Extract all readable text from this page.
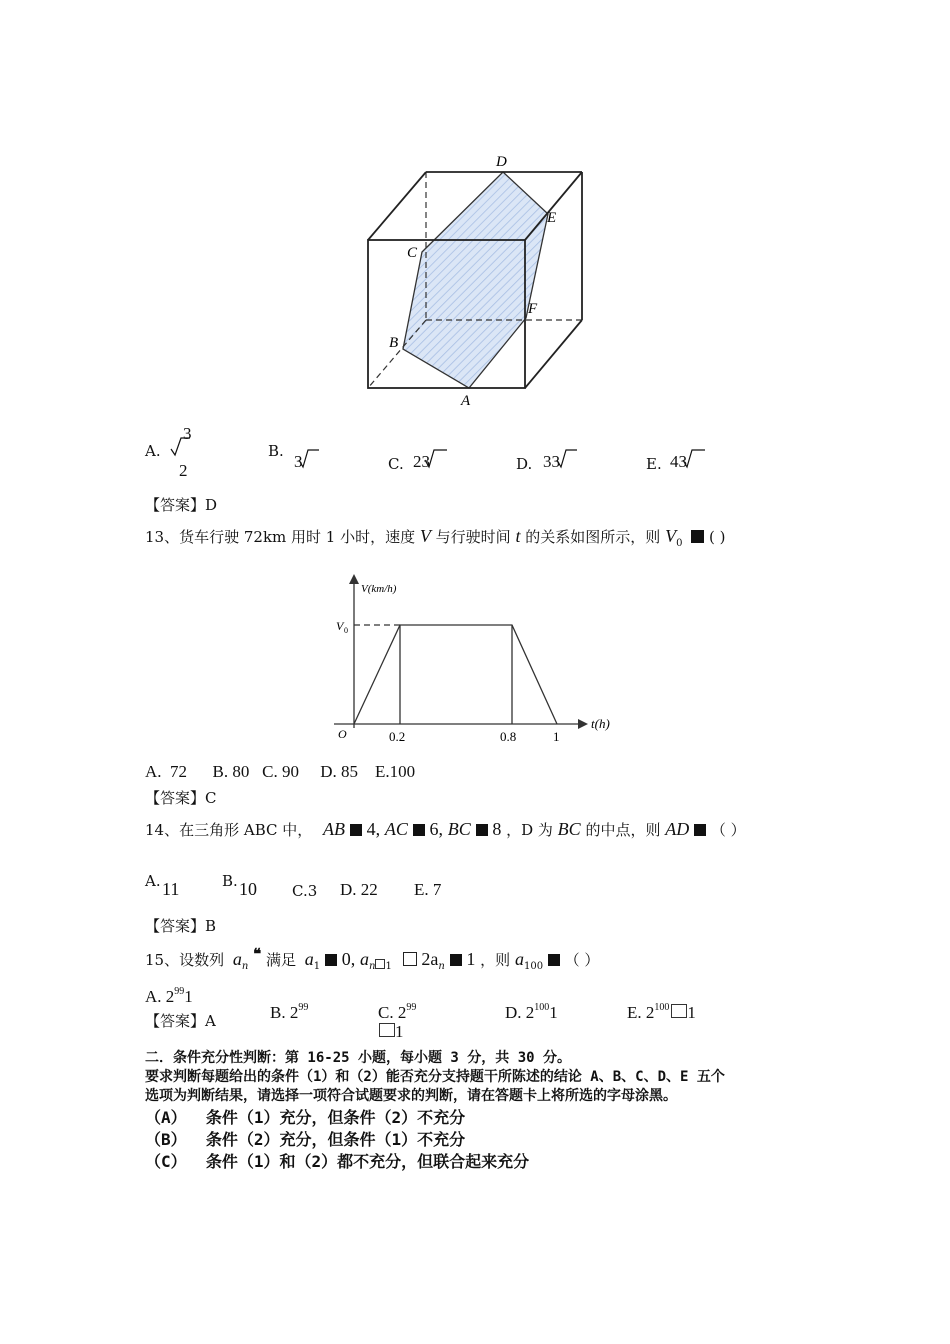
D
E
C
F
B
A
A.
3
2
B.
3	C. 23	D. 33	E. 43
【答案】D
13、货车行驶 72km 用时 1 小时，速度 V 与行驶时间 t 的关系如图所示，则 $V_0$ ( )
V(km/h)
V 0
O	0.2	0.8	1
t(h)
A.  72      B. 80   C. 90     D. 85    E.100
【答案】C
14、在三角形 ABC 中， AB 4, AC 6, BC 8 ，D 为 BC 的中点，则 AD （ ）
A. 11	B. 10 C.3 D. 22 E. 7
【答案】B
15、设数列 $a_n$ ❝ 满足 $a_1$ 0, $a_n$ $_1$ $2a_n$ 1 ，则 $a_{100}$ （ ）
A. $2^{99}1$
【答案】A	B. $2^{99}$	C. $2^{99}$
1
D. $2^{100}1$	E. $2^{100}$ 1
二．条件充分性判断：第 16-25 小题，每小题 3 分，共 30 分。
要求判断每题给出的条件（1）和（2）能否充分支持题干所陈述的结论 A、B、C、D、E 五个
选项为判断结果，请选择一项符合试题要求的判断，请在答题卡上将所选的字母涂黑。
（A）  条件（1）充分，但条件（2）不充分
（B）  条件（2）充分，但条件（1）不充分
（C）  条件（1）和（2）都不充分，但联合起来充分
